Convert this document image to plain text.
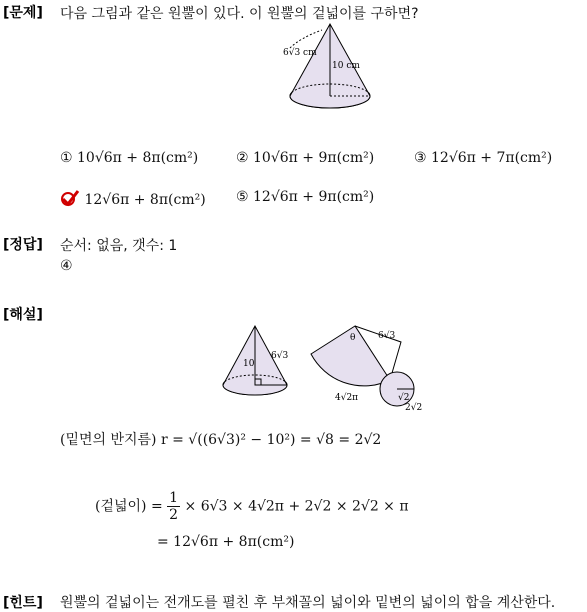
[문제] 다음 그림과 같은 원뿔이 있다. 이 원뿔의 겉넓이를 구하면?
6√3 cm
10 cm
① 10√6π + 8π(cm²)	② 10√6π + 9π(cm²)	③ 12√6π + 7π(cm²)
12√6π + 8π(cm²) ⑤ 12√6π + 9π(cm²)
[정답] 순서: 없음, 갯수: 1
④
[해설]
10
6√3
θ	6√3
4√2π	√2
2√2
(밑면의 반지름) r = √((6√3)² − 10²) = √8 = 2√2
(겉넓이) = $\frac{1}{2} \times 6√3 \times 4√2\pi + 2√2 \times 2√2 \times \pi$
= 12√6π + 8π(cm²)
[힌트] 원뿔의 겉넓이는 전개도를 펼친 후 부채꼴의 넓이와 밑변의 넓이의 합을 계산한다.
